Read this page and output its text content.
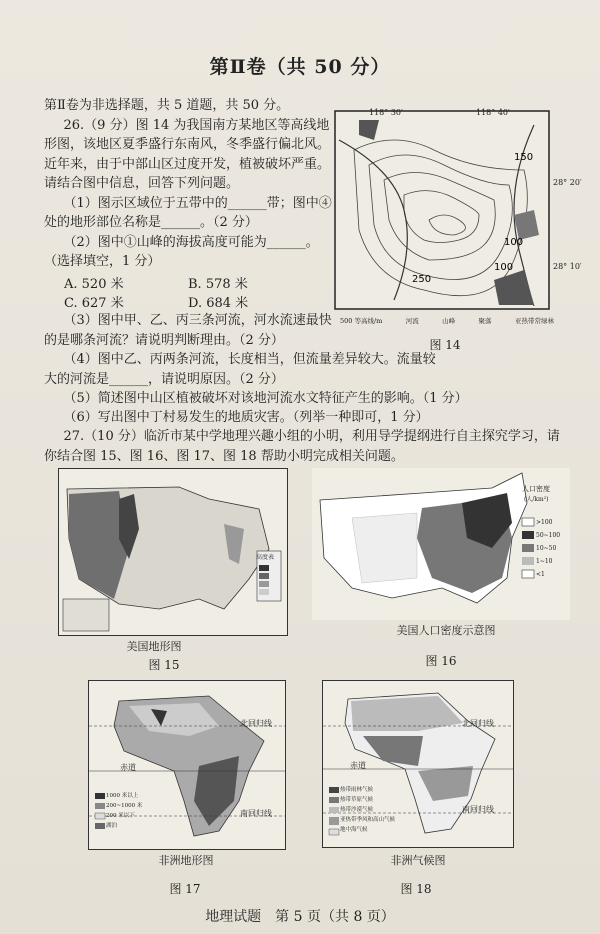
第Ⅱ卷（共 50 分）
第Ⅱ卷为非选择题，共 5 道题，共 50 分。
26.（9 分）图 14 为我国南方某地区等高线地形图，该地区夏季盛行东南风，冬季盛行偏北风。近年来，由于中部山区过度开发，植被破坏严重。请结合图中信息，回答下列问题。
（1）图示区域位于五带中的______带；图中④处的地形部位名称是______。（2 分）
（2）图中①山峰的海拔高度可能为______。（选择填空，1 分）
A. 520 米	B. 578 米
C. 627 米	D. 684 米
（3）图中甲、乙、丙三条河流，河水流速最快的是哪条河流？请说明判断理由。（2 分）
（4）图中乙、丙两条河流，长度相当，但流量差异较大。流量较大的河流是______，请说明原因。（2 分）
（5）简述图中山区植被破坏对该地河流水文特征产生的影响。（1 分）
（6）写出图中丁村易发生的地质灾害。（列举一种即可，1 分）
27.（10 分）临沂市某中学地理兴趣小组的小明，利用导学提纲进行自主探究学习，请你结合图 15、图 16、图 17、图 18 帮助小明完成相关问题。
150
100
100
250
118° 30′	118° 40′
28° 20′
28° 10′
500 等高线/m	河流	山峰	聚落	亚热带常绿林
图 14
高度表
美国地形图
图 15
人口密度
(人/km²)
>100
50~100
10~50
1~10
<1
美国人口密度示意图
图 16
北回归线
赤道
南回归线
1000 米以上
200~1000 米
200 米以下
湖泊
非洲地形图
图 17
北回归线
赤道
南回归线
热带雨林气候
热带草原气候
热带沙漠气候
亚热带季风和高山气候
地中海气候
非洲气候图
图 18
地理试题　第 5 页（共 8 页）
